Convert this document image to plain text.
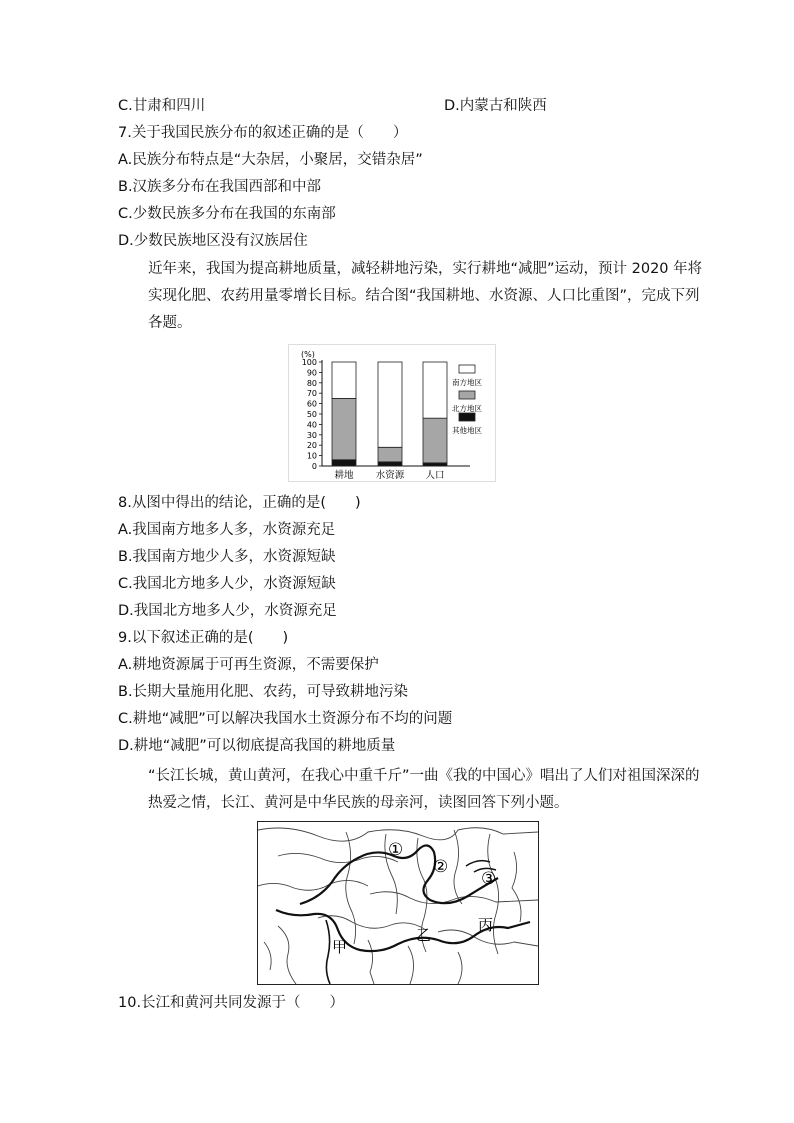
C.甘肃和四川	D.内蒙古和陕西
7.关于我国民族分布的叙述正确的是（　　）
A.民族分布特点是“大杂居，小聚居，交错杂居”
B.汉族多分布在我国西部和中部
C.少数民族多分布在我国的东南部
D.少数民族地区没有汉族居住
近年来，我国为提高耕地质量，减轻耕地污染，实行耕地“减肥”运动，预计 2020 年将实现化肥、农药用量零增长目标。结合图“我国耕地、水资源、人口比重图”，完成下列各题。
(%)
100
90
80
70
60
50
40
30
20
10
0
耕地 水资源 人口
南方地区
北方地区
其他地区
8.从图中得出的结论，正确的是(　　)
A.我国南方地多人多，水资源充足
B.我国南方地少人多，水资源短缺
C.我国北方地多人少，水资源短缺
D.我国北方地多人少，水资源充足
9.以下叙述正确的是(　　)
A.耕地资源属于可再生资源，不需要保护
B.长期大量施用化肥、农药，可导致耕地污染
C.耕地“减肥”可以解决我国水土资源分布不均的问题
D.耕地“减肥”可以彻底提高我国的耕地质量
“长江长城，黄山黄河，在我心中重千斤”一曲《我的中国心》唱出了人们对祖国深深的热爱之情，长江、黄河是中华民族的母亲河，读图回答下列小题。
①
②
③
甲
乙
丙
10.长江和黄河共同发源于（　　）
